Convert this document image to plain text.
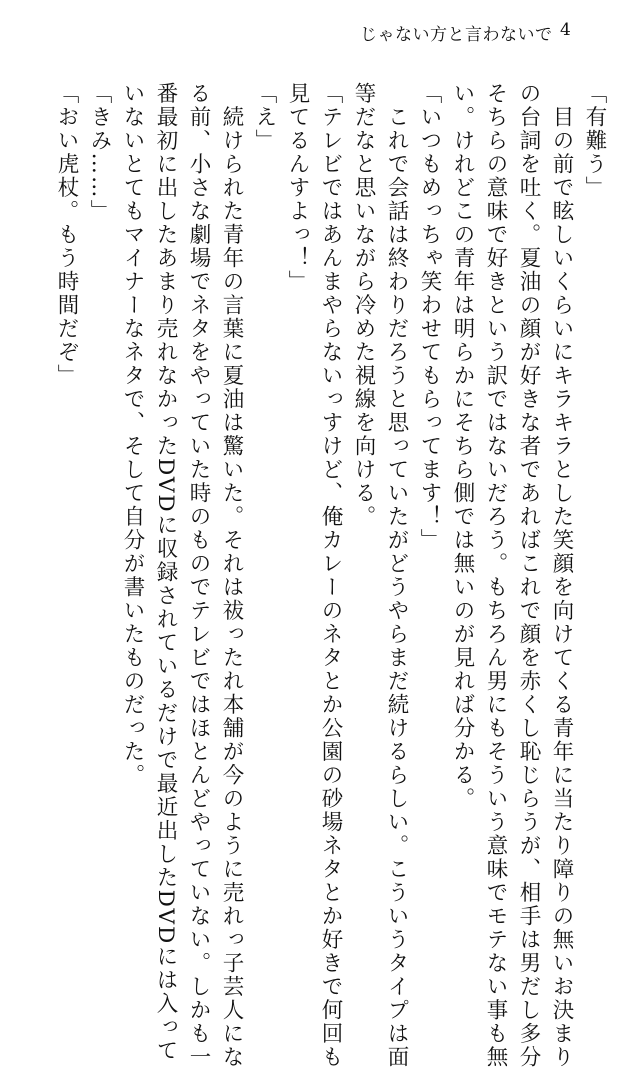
じゃない方と言わないで 4
「有難う」
　目の前で眩しいくらいにキラキラとした笑顔を向けてくる青年に当たり障りの無いお決まり
の台詞を吐く。夏油の顔が好きな者であればこれで顔を赤くし恥じらうが、相手は男だし多分
そちらの意味で好きという訳ではないだろう。もちろん男にもそういう意味でモテない事も無
い。けれどこの青年は明らかにそちら側では無いのが見れば分かる。
「いつもめっちゃ笑わせてもらってます！」
　これで会話は終わりだろうと思っていたがどうやらまだ続けるらしい。こういうタイプは面
等だなと思いながら冷めた視線を向ける。
「テレビではあんまやらないっすけど、俺カレーのネタとか公園の砂場ネタとか好きで何回も
見てるんすよっ！」
「え」
　続けられた青年の言葉に夏油は驚いた。それは祓ったれ本舗が今のように売れっ子芸人にな
る前、小さな劇場でネタをやっていた時のものでテレビではほとんどやっていない。しかも一
番最初に出したあまり売れなかったDVDに収録されているだけで最近出したDVDには入って
いないとてもマイナーなネタで、そして自分が書いたものだった。
「きみ……」
「おい虎杖。もう時間だぞ」
